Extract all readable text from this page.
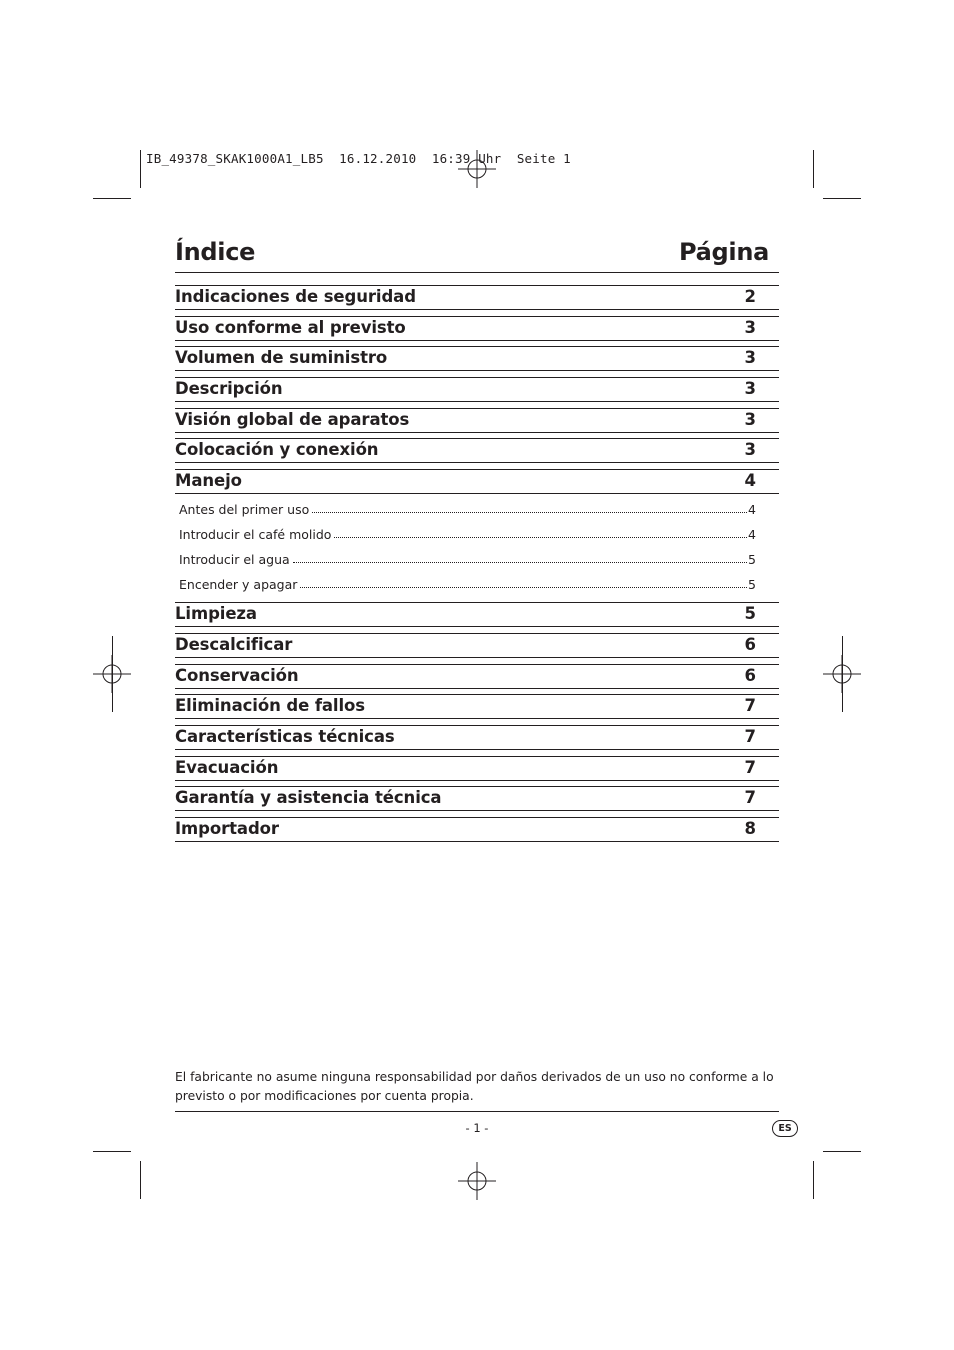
IB_49378_SKAK1000A1_LB5  16.12.2010  16:39 Uhr  Seite 1
Índice	Página
Indicaciones de seguridad	2
Uso conforme al previsto	3
Volumen de suministro	3
Descripción	3
Visión global de aparatos	3
Colocación y conexión	3
Manejo	4
Antes del primer uso	4
Introducir el café molido	4
Introducir el agua	5
Encender y apagar	5
Limpieza	5
Descalcificar	6
Conservación	6
Eliminación de fallos	7
Características técnicas	7
Evacuación	7
Garantía y asistencia técnica	7
Importador	8
El fabricante no asume ninguna responsabilidad por daños derivados de un uso no conforme a lo previsto o por modificaciones por cuenta propia.
- 1 -	ES
